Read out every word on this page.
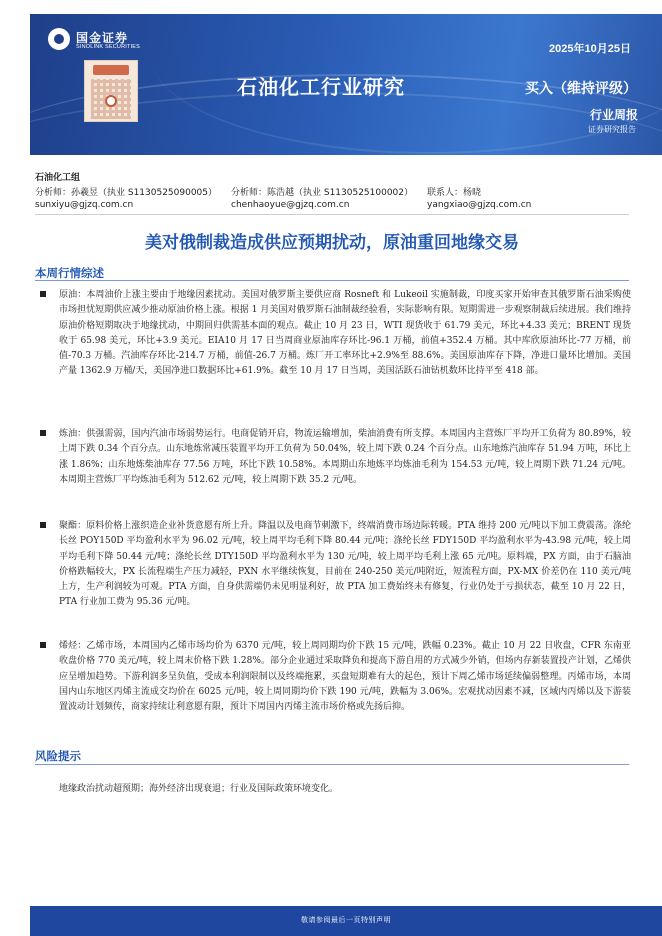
国金证券
SINOLINK SECURITIES	2025年10月25日
石油化工行业研究	买入（维持评级）
行业周报
证券研究报告
石油化工组
分析师：孙羲昱（执业 S1130525090005） 分析师：陈浩越（执业 S1130525100002） 联系人：杨晓
sunxiyu@gjzq.com.cn	chenhaoyue@gjzq.com.cn	yangxiao@gjzq.com.cn
美对俄制裁造成供应预期扰动，原油重回地缘交易
本周行情综述
原油：本周油价上涨主要由于地缘因素扰动。美国对俄罗斯主要供应商 Rosneft 和 Lukeoil 实施制裁，印度买家开始审查其俄罗斯石油采购使市场担忧短期供应减少推动原油价格上涨。根据 1 月美国对俄罗斯石油制裁经验看，实际影响有限。短期需进一步观察制裁后续进展。我们维持原油价格短期取决于地缘扰动，中期回归供需基本面的观点。截止 10 月 23 日，WTI 现货收于 61.79 美元，环比+4.33 美元；BRENT 现货收于 65.98 美元，环比+3.9 美元。EIA10 月 17 日当周商业原油库存环比-96.1 万桶，前值+352.4 万桶。其中库欣原油环比-77 万桶，前值-70.3 万桶。汽油库存环比-214.7 万桶，前值-26.7 万桶。炼厂开工率环比+2.9%至 88.6%。美国原油库存下降，净进口量环比增加。美国产量 1362.9 万桶/天，美国净进口数据环比+61.9%。截至 10 月 17 日当周，美国活跃石油钻机数环比持平至 418 部。
炼油：供强需弱，国内汽油市场弱势运行。电商促销开启，物流运输增加，柴油消费有所支撑。本周国内主营炼厂平均开工负荷为 80.89%，较上周下跌 0.34 个百分点。山东地炼常减压装置平均开工负荷为 50.04%，较上周下跌 0.24 个百分点。山东地炼汽油库存 51.94 万吨，环比上涨 1.86%；山东地炼柴油库存 77.56 万吨，环比下跌 10.58%。本周期山东地炼平均炼油毛利为 154.53 元/吨，较上周期下跌 71.24 元/吨。本周期主营炼厂平均炼油毛利为 512.62 元/吨，较上周期下跌 35.2 元/吨。
聚酯：原料价格上涨织造企业补货意愿有所上升。降温以及电商节刺激下，终端消费市场边际转暖。PTA 维持 200 元/吨以下加工费震荡。涤纶长丝 POY150D 平均盈利水平为 96.02 元/吨，较上周平均毛利下降 80.44 元/吨；涤纶长丝 FDY150D 平均盈利水平为-43.98 元/吨，较上周平均毛利下降 50.44 元/吨；涤纶长丝 DTY150D 平均盈利水平为 130 元/吨，较上周平均毛利上涨 65 元/吨。原料端，PX 方面，由于石脑油价格跌幅较大，PX 长流程端生产压力减轻，PXN 水平继续恢复，目前在 240-250 美元/吨附近，短流程方面，PX-MX 价差仍在 110 美元/吨上方，生产利润较为可观。PTA 方面，自身供需端仍未见明显利好，故 PTA 加工费始终未有修复，行业仍处于亏损状态，截至 10 月 22 日，PTA 行业加工费为 95.36 元/吨。
烯烃：乙烯市场，本周国内乙烯市场均价为 6370 元/吨，较上周同期均价下跌 15 元/吨，跌幅 0.23%。截止 10 月 22 日收盘，CFR 东南亚收盘价格 770 美元/吨，较上周末价格下跌 1.28%。部分企业通过采取降负和提高下游自用的方式减少外销，但场内存新装置投产计划，乙烯供应呈增加趋势。下游利润多呈负值，受成本利润限制以及终端拖累，买盘短期难有大的起色，预计下周乙烯市场延续偏弱整理。丙烯市场，本周国内山东地区丙烯主流成交均价在 6025 元/吨，较上周同期均价下跌 190 元/吨，跌幅为 3.06%。宏观扰动因素不减，区域内丙烯以及下游装置波动计划频传，商家持续让利意愿有限，预计下周国内丙烯主流市场价格或先扬后抑。
风险提示
地缘政治扰动超预期；海外经济出现衰退；行业及国际政策环境变化。
敬请参阅最后一页特别声明
